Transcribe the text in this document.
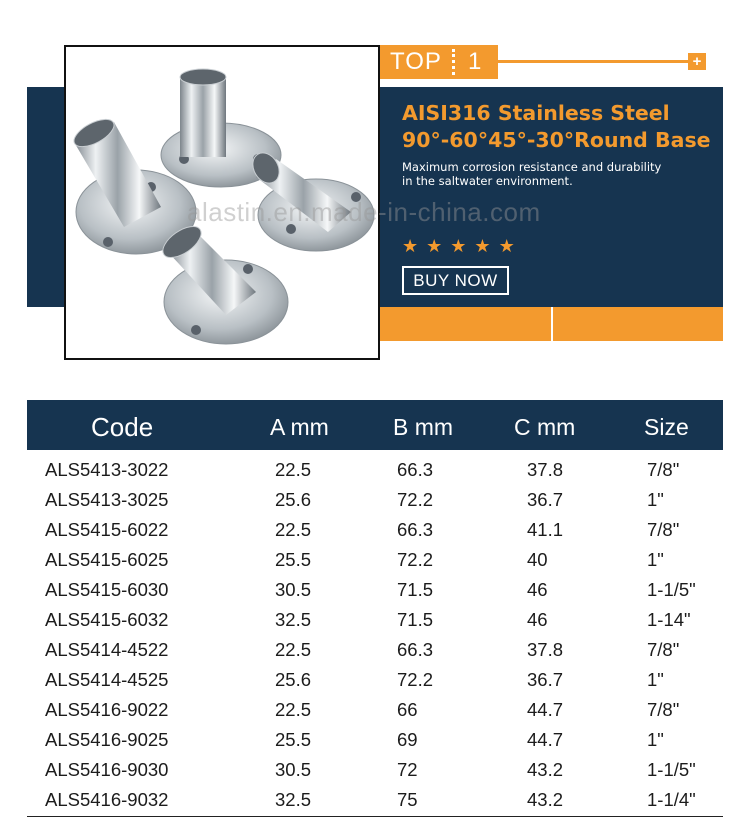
TOP 1	+
AISI316 Stainless Steel
90°-60°45°-30°Round Base
Maximum corrosion resistance and durability
in the saltwater environment.
★ ★ ★ ★ ★
BUY NOW
alastin.en.made-in-china.com
Code	A mm	B mm	C mm	Size
ALS5413-3022	22.5	66.3	37.8	7/8"
ALS5413-3025	25.6	72.2	36.7	1"
ALS5415-6022	22.5	66.3	41.1	7/8"
ALS5415-6025	25.5	72.2	40	1"
ALS5415-6030	30.5	71.5	46	1-1/5"
ALS5415-6032	32.5	71.5	46	1-14"
ALS5414-4522	22.5	66.3	37.8	7/8"
ALS5414-4525	25.6	72.2	36.7	1"
ALS5416-9022	22.5	66	44.7	7/8"
ALS5416-9025	25.5	69	44.7	1"
ALS5416-9030	30.5	72	43.2	1-1/5"
ALS5416-9032	32.5	75	43.2	1-1/4"
